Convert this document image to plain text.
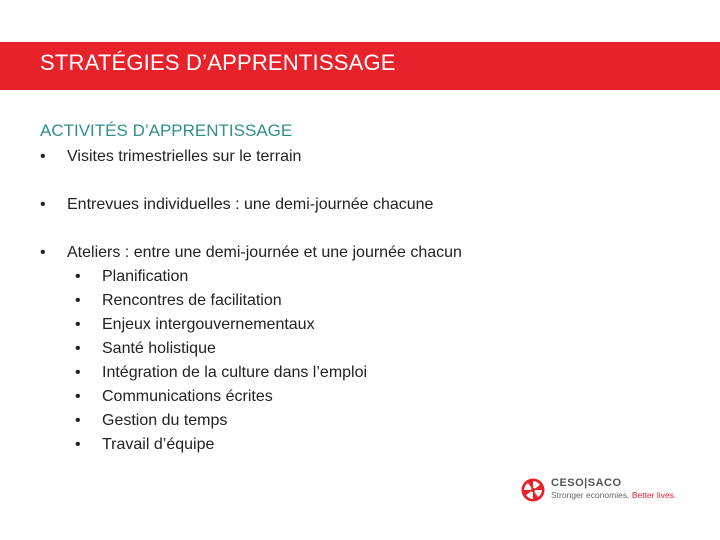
STRATÉGIES D’APPRENTISSAGE
ACTIVITÉS D’APPRENTISSAGE
• Visites trimestrielles sur le terrain
• Entrevues individuelles : une demi-journée chacune
• Ateliers : entre une demi-journée et une journée chacun
• Planification
• Rencontres de facilitation
• Enjeux intergouvernementaux
• Santé holistique
• Intégration de la culture dans l’emploi
• Communications écrites
• Gestion du temps
• Travail d’équipe
CESO|SACO
Stronger economies. Better lives.
